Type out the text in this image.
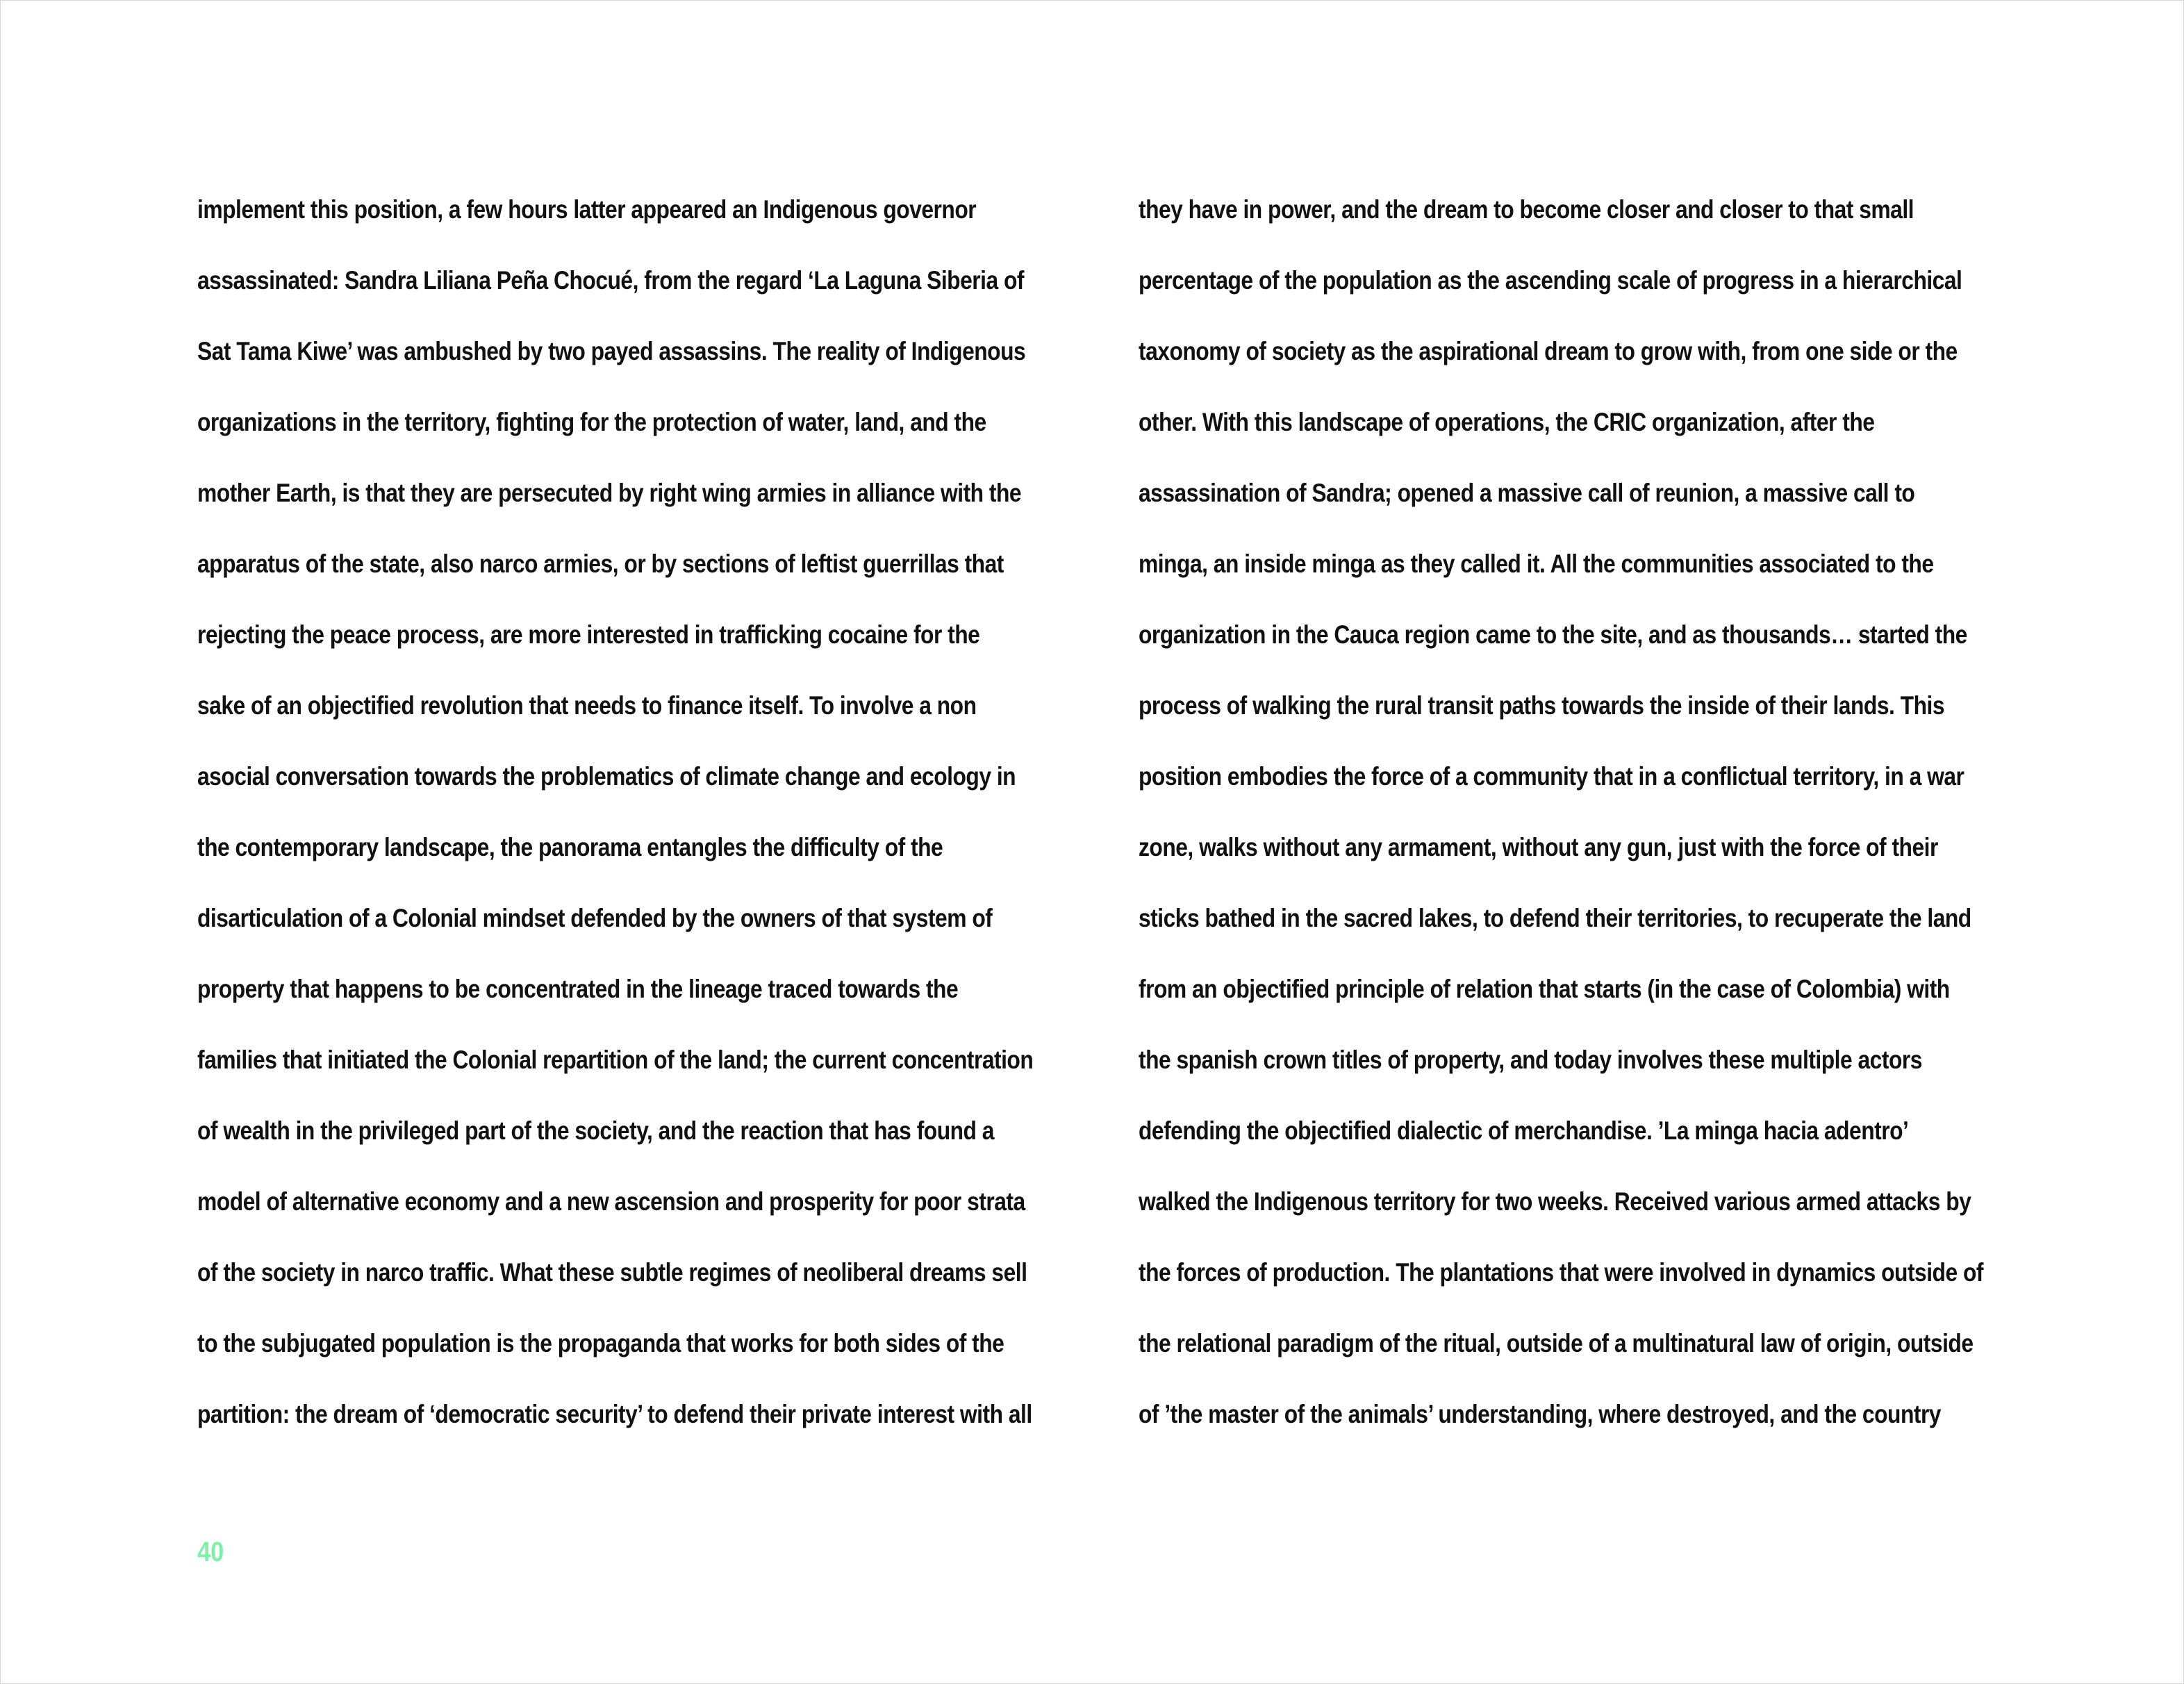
implement this position, a few hours latter appeared an Indigenous governor
assassinated: Sandra Liliana Peña Chocué, from the regard ‘La Laguna Siberia of
Sat Tama Kiwe’ was ambushed by two payed assassins. The reality of Indigenous
organizations in the territory, fighting for the protection of water, land, and the
mother Earth, is that they are persecuted by right wing armies in alliance with the
apparatus of the state, also narco armies, or by sections of leftist guerrillas that
rejecting the peace process, are more interested in trafficking cocaine for the
sake of an objectified revolution that needs to finance itself. To involve a non
asocial conversation towards the problematics of climate change and ecology in
the contemporary landscape, the panorama entangles the difficulty of the
disarticulation of a Colonial mindset defended by the owners of that system of
property that happens to be concentrated in the lineage traced towards the
families that initiated the Colonial repartition of the land; the current concentration
of wealth in the privileged part of the society, and the reaction that has found a
model of alternative economy and a new ascension and prosperity for poor strata
of the society in narco traffic. What these subtle regimes of neoliberal dreams sell
to the subjugated population is the propaganda that works for both sides of the
partition: the dream of ‘democratic security’ to defend their private interest with all
they have in power, and the dream to become closer and closer to that small
percentage of the population as the ascending scale of progress in a hierarchical
taxonomy of society as the aspirational dream to grow with, from one side or the
other. With this landscape of operations, the CRIC organization, after the
assassination of Sandra; opened a massive call of reunion, a massive call to
minga, an inside minga as they called it. All the communities associated to the
organization in the Cauca region came to the site, and as thousands… started the
process of walking the rural transit paths towards the inside of their lands. This
position embodies the force of a community that in a conflictual territory, in a war
zone, walks without any armament, without any gun, just with the force of their
sticks bathed in the sacred lakes, to defend their territories, to recuperate the land
from an objectified principle of relation that starts (in the case of Colombia) with
the spanish crown titles of property, and today involves these multiple actors
defending the objectified dialectic of merchandise. ’La minga hacia adentro’
walked the Indigenous territory for two weeks. Received various armed attacks by
the forces of production. The plantations that were involved in dynamics outside of
the relational paradigm of the ritual, outside of a multinatural law of origin, outside
of ’the master of the animals’ understanding, where destroyed, and the country
40
